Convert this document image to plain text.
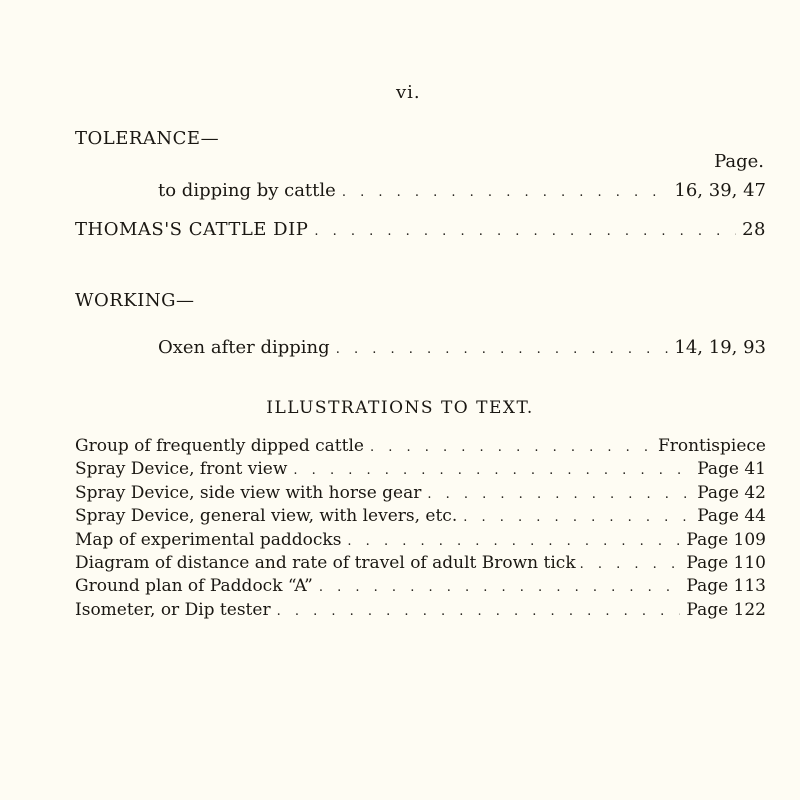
vi.
TOLERANCE—
Page.
to dipping by cattle . . .	16, 39, 47
THOMAS'S CATTLE DIP . . .	28
WORKING—
Oxen after dipping . . .	14, 19, 93
ILLUSTRATIONS TO TEXT.
Group of frequently dipped cattle . . .	Frontispiece
Spray Device, front view . . .	Page 41
Spray Device, side view with horse gear . . .	Page 42
Spray Device, general view, with levers, etc. . . .	Page 44
Map of experimental paddocks . . .	Page 109
Diagram of distance and rate of travel of adult Brown tick . . .	Page 110
Ground plan of Paddock “A” . . .	Page 113
Isometer, or Dip tester . . .	Page 122
